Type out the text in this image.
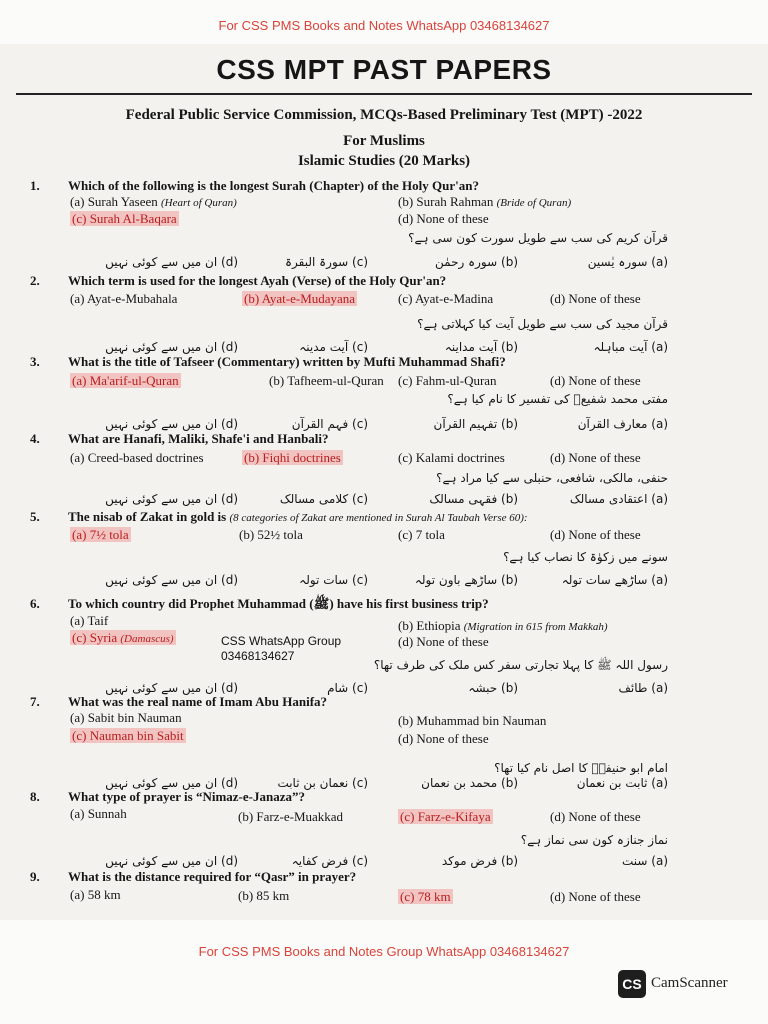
For CSS PMS Books and Notes WhatsApp 03468134627
CSS MPT PAST PAPERS
Federal Public Service Commission, MCQs-Based Preliminary Test (MPT) -2022
For Muslims
Islamic Studies (20 Marks)
1. Which of the following is the longest Surah (Chapter) of the Holy Qur'an?
(a) Surah Yaseen (Heart of Quran)	(b) Surah Rahman (Bride of Quran)
(c) Surah Al-Baqara	(d) None of these
قرآن کریم کی سب سے طویل سورت کون سی ہے؟
(a) سورہ یٰسین
(b) سورہ رحمٰن
(c) سورۃ البقرۃ
(d) ان میں سے کوئی نہیں
2. Which term is used for the longest Ayah (Verse) of the Holy Qur'an?
(a) Ayat-e-Mubahala	(b) Ayat-e-Mudayana	(c) Ayat-e-Madina	(d) None of these
قرآن مجید کی سب سے طویل آیت کیا کہلاتی ہے؟
(a) آیت مباہلہ
(b) آیت مداینہ
(c) آیت مدینہ
(d) ان میں سے کوئی نہیں
3. What is the title of Tafseer (Commentary) written by Mufti Muhammad Shafi?
(a) Ma'arif-ul-Quran	(b) Tafheem-ul-Quran (c) Fahm-ul-Quran	(d) None of these
مفتی محمد شفیعؒ کی تفسیر کا نام کیا ہے؟
(a) معارف القرآن
(b) تفہیم القرآن
(c) فہم القرآن
(d) ان میں سے کوئی نہیں
4. What are Hanafi, Maliki, Shafe'i and Hanbali?
(a) Creed-based doctrines	(b) Fiqhi doctrines	(c) Kalami doctrines	(d) None of these
حنفی، مالکی، شافعی، حنبلی سے کیا مراد ہے؟
(a) اعتقادی مسالک
(b) فقہی مسالک
(c) کلامی مسالک
(d) ان میں سے کوئی نہیں
5. The nisab of Zakat in gold is (8 categories of Zakat are mentioned in Surah Al Taubah Verse 60):
(a) 7½ tola	(b) 52½ tola	(c) 7 tola	(d) None of these
سونے میں زکوٰۃ کا نصاب کیا ہے؟
(a) ساڑھے سات تولہ
(b) ساڑھے باون تولہ
(c) سات تولہ
(d) ان میں سے کوئی نہیں
6. To which country did Prophet Muhammad (ﷺ) have his first business trip?
(a) Taif	(b) Ethiopia (Migration in 615 from Makkah)
(c) Syria (Damascus)	(d) None of these
رسول اللہ ﷺ کا پہلا تجارتی سفر کس ملک کی طرف تھا؟
(a) طائف
(b) حبشہ
(c) شام
(d) ان میں سے کوئی نہیں
7. What was the real name of Imam Abu Hanifa?
(a) Sabit bin Nauman	(b) Muhammad bin Nauman
(c) Nauman bin Sabit	(d) None of these
امام ابو حنیفہؒ کا اصل نام کیا تھا؟
(a) ثابت بن نعمان
(b) محمد بن نعمان
(c) نعمان بن ثابت
(d) ان میں سے کوئی نہیں
8. What type of prayer is “Nimaz-e-Janaza”?
(a) Sunnah	(b) Farz-e-Muakkad	(c) Farz-e-Kifaya	(d) None of these
نماز جنازہ کون سی نماز ہے؟
(a) سنت
(b) فرض موکد
(c) فرض کفایہ
(d) ان میں سے کوئی نہیں
9. What is the distance required for “Qasr” in prayer?
(a) 58 km	(b) 85 km	(c) 78 km	(d) None of these
CSS WhatsApp Group
03468134627
For CSS PMS Books and Notes Group WhatsApp 03468134627
CS CamScanner
